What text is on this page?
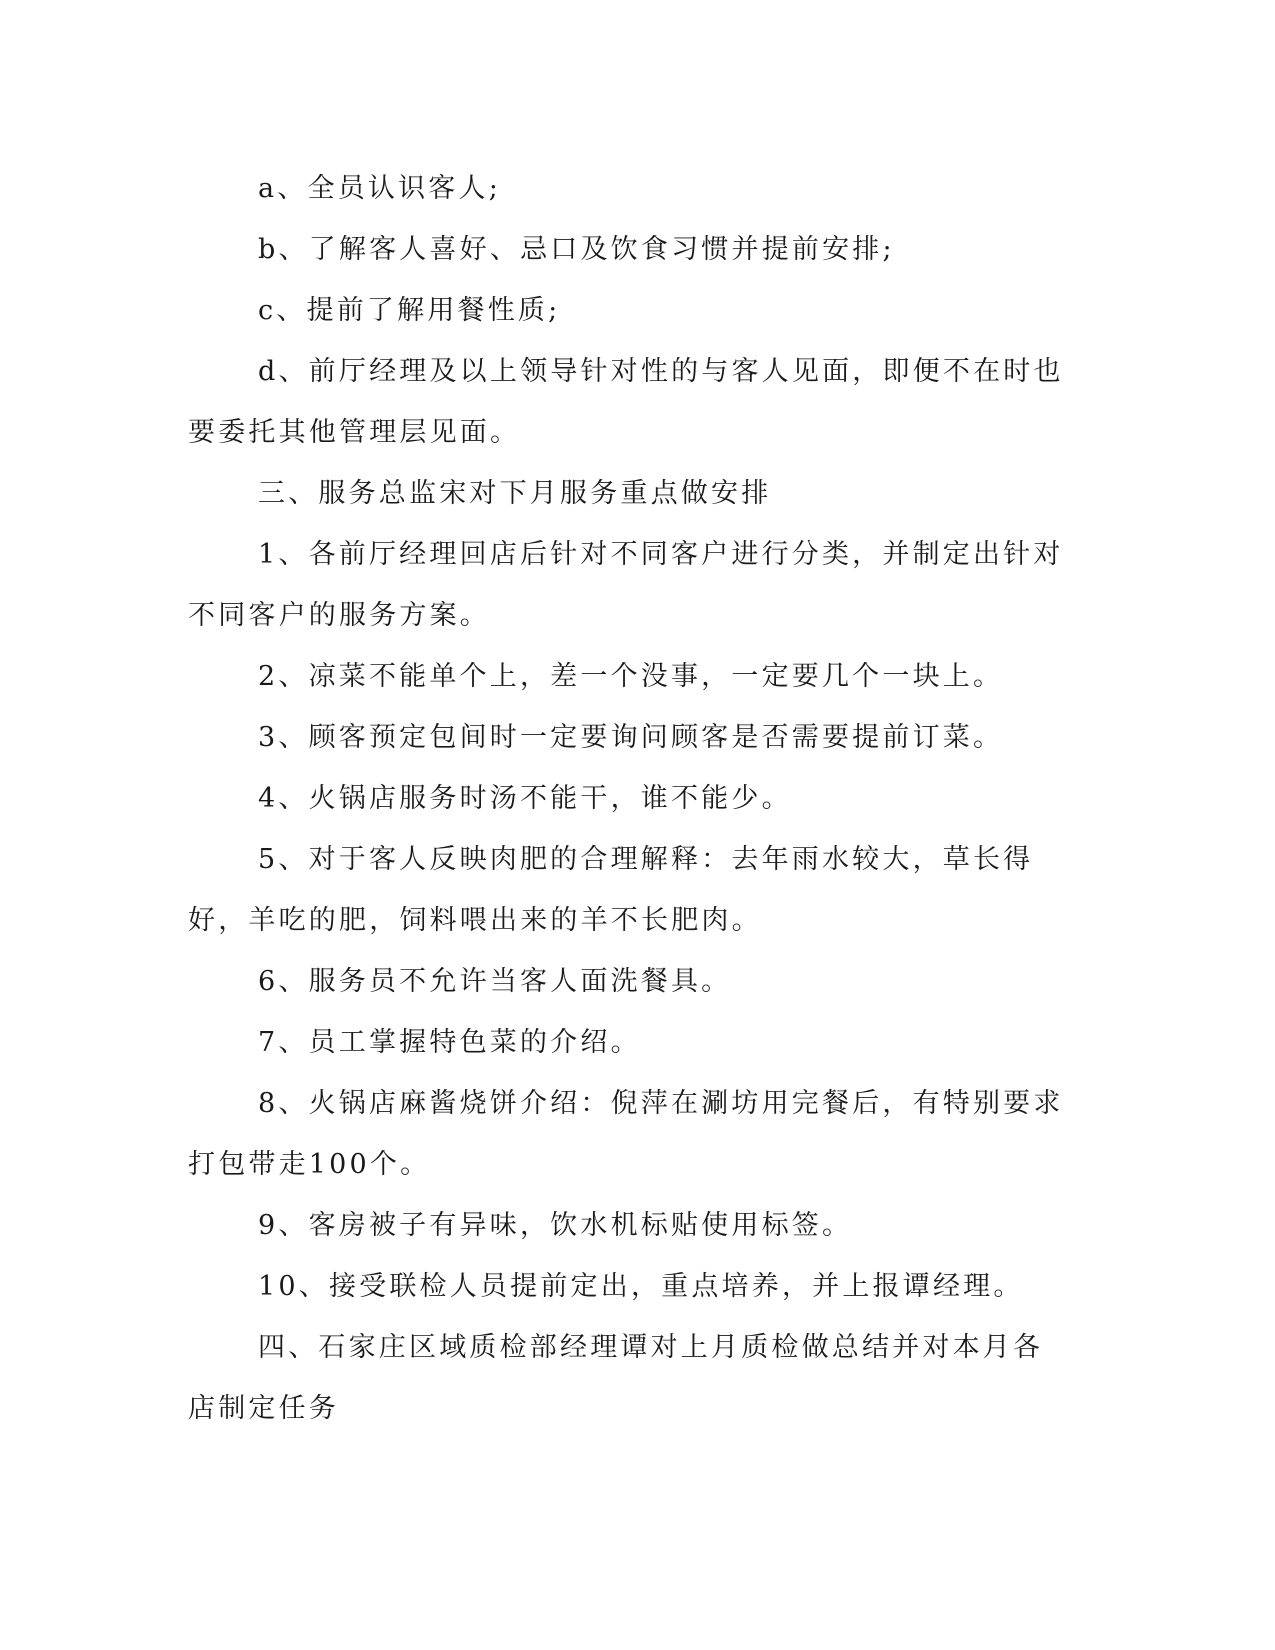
a、全员认识客人;

b、了解客人喜好、忌口及饮食习惯并提前安排;

c、提前了解用餐性质;

d、前厅经理及以上领导针对性的与客人见面，即便不在时也要委托其他管理层见面。

三、服务总监宋对下月服务重点做安排

1、各前厅经理回店后针对不同客户进行分类，并制定出针对不同客户的服务方案。

2、凉菜不能单个上，差一个没事，一定要几个一块上。

3、顾客预定包间时一定要询问顾客是否需要提前订菜。

4、火锅店服务时汤不能干，谁不能少。

5、对于客人反映肉肥的合理解释：去年雨水较大，草长得好，羊吃的肥，饲料喂出来的羊不长肥肉。

6、服务员不允许当客人面洗餐具。

7、员工掌握特色菜的介绍。

8、火锅店麻酱烧饼介绍：倪萍在涮坊用完餐后，有特别要求打包带走100个。

9、客房被子有异味，饮水机标贴使用标签。

10、接受联检人员提前定出，重点培养，并上报谭经理。

四、石家庄区域质检部经理谭对上月质检做总结并对本月各店制定任务
